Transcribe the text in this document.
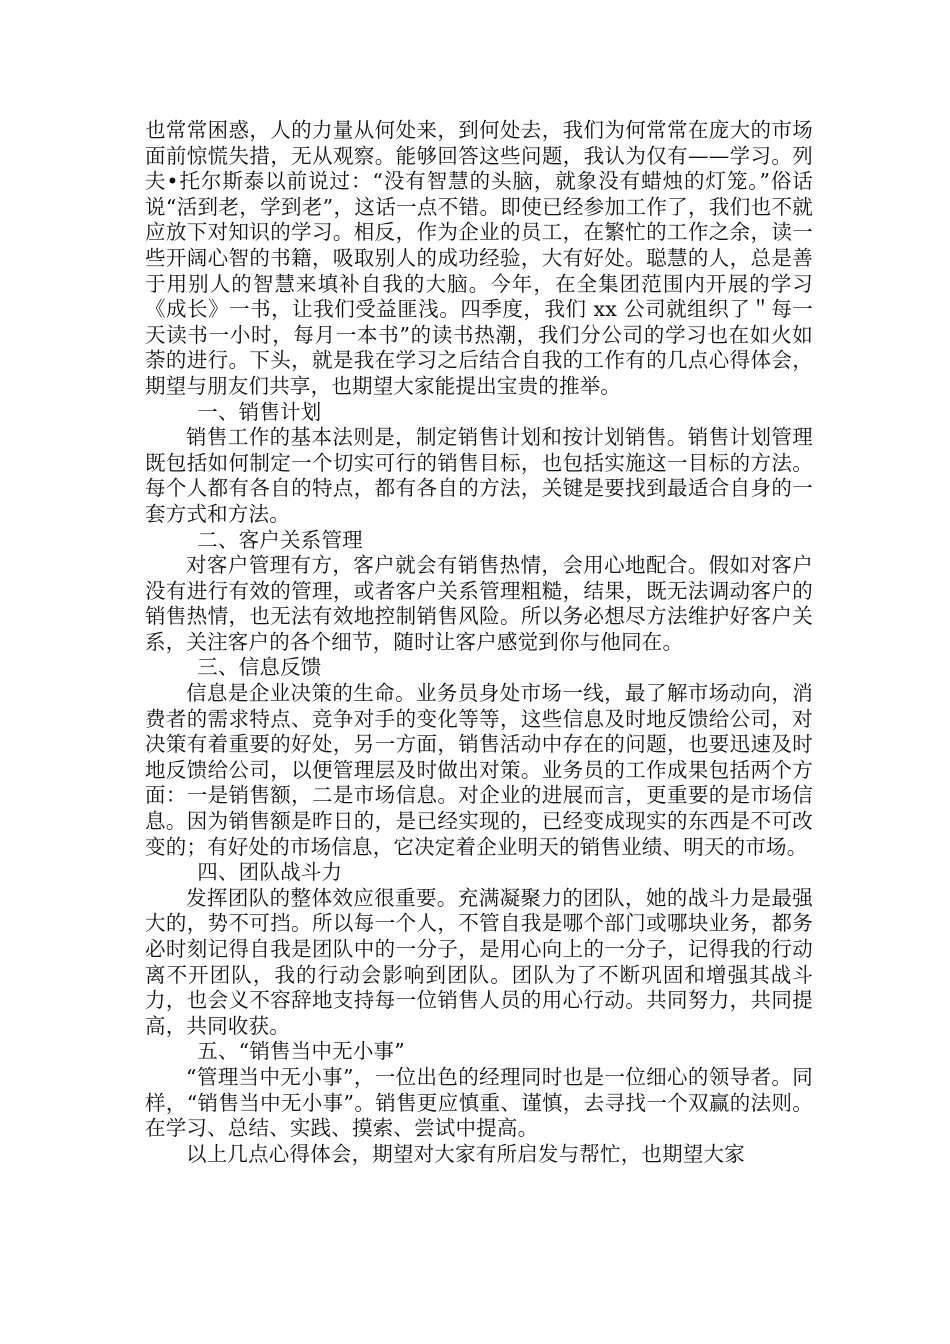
也常常困惑，人的力量从何处来，到何处去，我们为何常常在庞大的市场面前惊慌失措，无从观察。能够回答这些问题，我认为仅有——学习。列夫•托尔斯泰以前说过：“没有智慧的头脑，就象没有蜡烛的灯笼。”俗话说“活到老，学到老”，这话一点不错。即使已经参加工作了，我们也不就应放下对知识的学习。相反，作为企业的员工，在繁忙的工作之余，读一些开阔心智的书籍，吸取别人的成功经验，大有好处。聪慧的人，总是善于用别人的智慧来填补自我的大脑。今年，在全集团范围内开展的学习《成长》一书，让我们受益匪浅。四季度，我们 xx 公司就组织了＂每一天读书一小时，每月一本书”的读书热潮，我们分公司的学习也在如火如荼的进行。下头，就是我在学习之后结合自我的工作有的几点心得体会，期望与朋友们共享，也期望大家能提出宝贵的推举。

一、销售计划

销售工作的基本法则是，制定销售计划和按计划销售。销售计划管理既包括如何制定一个切实可行的销售目标，也包括实施这一目标的方法。每个人都有各自的特点，都有各自的方法，关键是要找到最适合自身的一套方式和方法。

二、客户关系管理

对客户管理有方，客户就会有销售热情，会用心地配合。假如对客户没有进行有效的管理，或者客户关系管理粗糙，结果，既无法调动客户的销售热情，也无法有效地控制销售风险。所以务必想尽方法维护好客户关系，关注客户的各个细节，随时让客户感觉到你与他同在。

三、信息反馈

信息是企业决策的生命。业务员身处市场一线，最了解市场动向，消费者的需求特点、竞争对手的变化等等，这些信息及时地反馈给公司，对决策有着重要的好处，另一方面，销售活动中存在的问题，也要迅速及时地反馈给公司，以便管理层及时做出对策。业务员的工作成果包括两个方面：一是销售额，二是市场信息。对企业的进展而言，更重要的是市场信息。因为销售额是昨日的，是已经实现的，已经变成现实的东西是不可改变的；有好处的市场信息，它决定着企业明天的销售业绩、明天的市场。

四、团队战斗力

发挥团队的整体效应很重要。充满凝聚力的团队，她的战斗力是最强大的，势不可挡。所以每一个人，不管自我是哪个部门或哪块业务，都务必时刻记得自我是团队中的一分子，是用心向上的一分子，记得我的行动离不开团队，我的行动会影响到团队。团队为了不断巩固和增强其战斗力，也会义不容辞地支持每一位销售人员的用心行动。共同努力，共同提高，共同收获。

五、“销售当中无小事”

“管理当中无小事”，一位出色的经理同时也是一位细心的领导者。同样，“销售当中无小事”。销售更应慎重、谨慎，去寻找一个双赢的法则。在学习、总结、实践、摸索、尝试中提高。

以上几点心得体会，期望对大家有所启发与帮忙，也期望大家
